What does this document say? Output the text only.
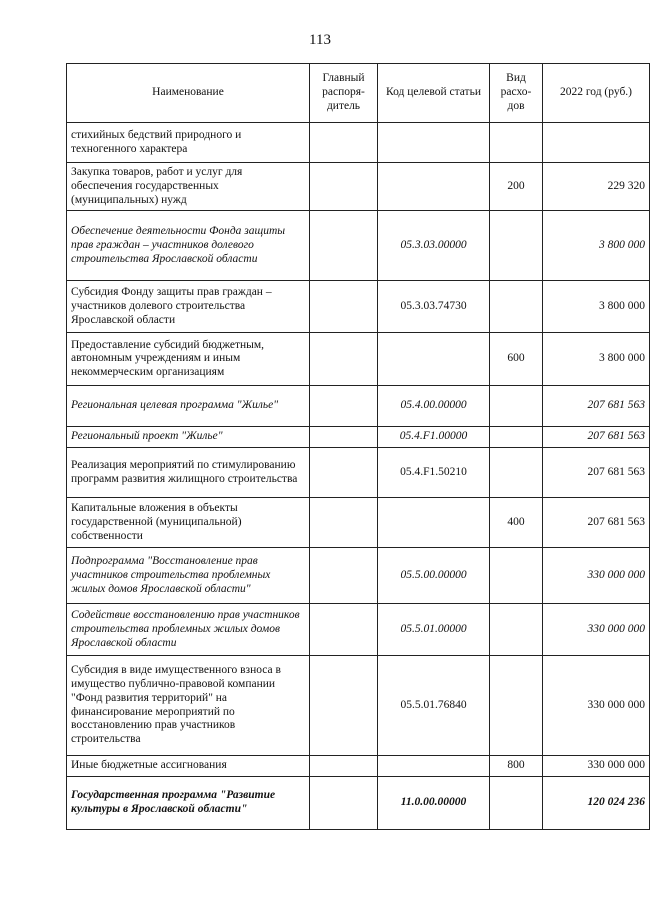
113
Наименование	Главный распоря-дитель	Код целевой статьи	Вид расхо-дов	2022 год (руб.)
стихийных бедствий природного и техногенного характера				
Закупка товаров, работ и услуг для обеспечения государственных (муниципальных) нужд			200	229 320
Обеспечение деятельности Фонда защиты прав граждан – участников долевого строительства Ярославской области		05.3.03.00000		3 800 000
Субсидия Фонду защиты прав граждан – участников долевого строительства Ярославской области		05.3.03.74730		3 800 000
Предоставление субсидий бюджетным, автономным учреждениям и иным некоммерческим организациям			600	3 800 000
Региональная целевая программа "Жилье"		05.4.00.00000		207 681 563
Региональный проект "Жилье"		05.4.F1.00000		207 681 563
Реализация мероприятий по стимулированию программ развития жилищного строительства		05.4.F1.50210		207 681 563
Капитальные вложения в объекты государственной (муниципальной) собственности			400	207 681 563
Подпрограмма "Восстановление прав участников строительства проблемных жилых домов Ярославской области"		05.5.00.00000		330 000 000
Содействие восстановлению прав участников строительства проблемных жилых домов Ярославской области		05.5.01.00000		330 000 000
Субсидия в виде имущественного взноса в имущество публично-правовой компании "Фонд развития территорий" на финансирование мероприятий по восстановлению прав участников строительства		05.5.01.76840		330 000 000
Иные бюджетные ассигнования			800	330 000 000
Государственная программа "Развитие культуры в Ярославской области"		11.0.00.00000		120 024 236
